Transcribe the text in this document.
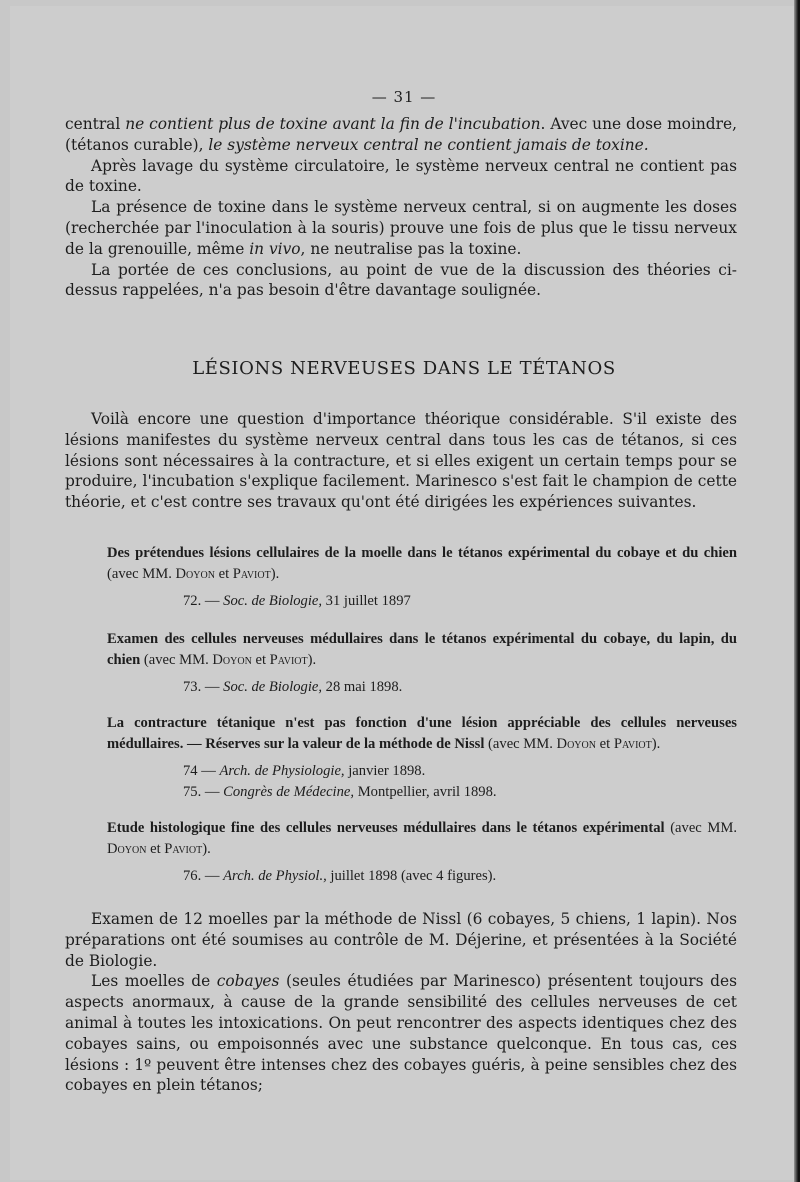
— 31 —

central ne contient plus de toxine avant la fin de l'incubation. Avec une dose moindre, (tétanos curable), le système nerveux central ne contient jamais de toxine.

Après lavage du système circulatoire, le système nerveux central ne contient pas de toxine.

La présence de toxine dans le système nerveux central, si on augmente les doses (recherchée par l'inoculation à la souris) prouve une fois de plus que le tissu nerveux de la grenouille, même in vivo, ne neutralise pas la toxine.

La portée de ces conclusions, au point de vue de la discussion des théories ci-dessus rappelées, n'a pas besoin d'être davantage soulignée.

LÉSIONS NERVEUSES DANS LE TÉTANOS

Voilà encore une question d'importance théorique considérable. S'il existe des lésions manifestes du système nerveux central dans tous les cas de tétanos, si ces lésions sont nécessaires à la contracture, et si elles exigent un certain temps pour se produire, l'incubation s'explique facilement. Marinesco s'est fait le champion de cette théorie, et c'est contre ses travaux qu'ont été dirigées les expériences suivantes.

Des prétendues lésions cellulaires de la moelle dans le tétanos expérimental du cobaye et du chien (avec MM. Doyon et Paviot).

72. — Soc. de Biologie, 31 juillet 1897

Examen des cellules nerveuses médullaires dans le tétanos expérimental du cobaye, du lapin, du chien (avec MM. Doyon et Paviot).

73. — Soc. de Biologie, 28 mai 1898.

La contracture tétanique n'est pas fonction d'une lésion appréciable des cellules nerveuses médullaires. — Réserves sur la valeur de la méthode de Nissl (avec MM. Doyon et Paviot).

74 — Arch. de Physiologie, janvier 1898.

75. — Congrès de Médecine, Montpellier, avril 1898.

Etude histologique fine des cellules nerveuses médullaires dans le tétanos expérimental (avec MM. Doyon et Paviot).

76. — Arch. de Physiol., juillet 1898 (avec 4 figures).

Examen de 12 moelles par la méthode de Nissl (6 cobayes, 5 chiens, 1 lapin). Nos préparations ont été soumises au contrôle de M. Déjerine, et présentées à la Société de Biologie.

Les moelles de cobayes (seules étudiées par Marinesco) présentent toujours des aspects anormaux, à cause de la grande sensibilité des cellules nerveuses de cet animal à toutes les intoxications. On peut rencontrer des aspects identiques chez des cobayes sains, ou empoisonnés avec une substance quelconque. En tous cas, ces lésions : 1º peuvent être intenses chez des cobayes guéris, à peine sensibles chez des cobayes en plein tétanos;
